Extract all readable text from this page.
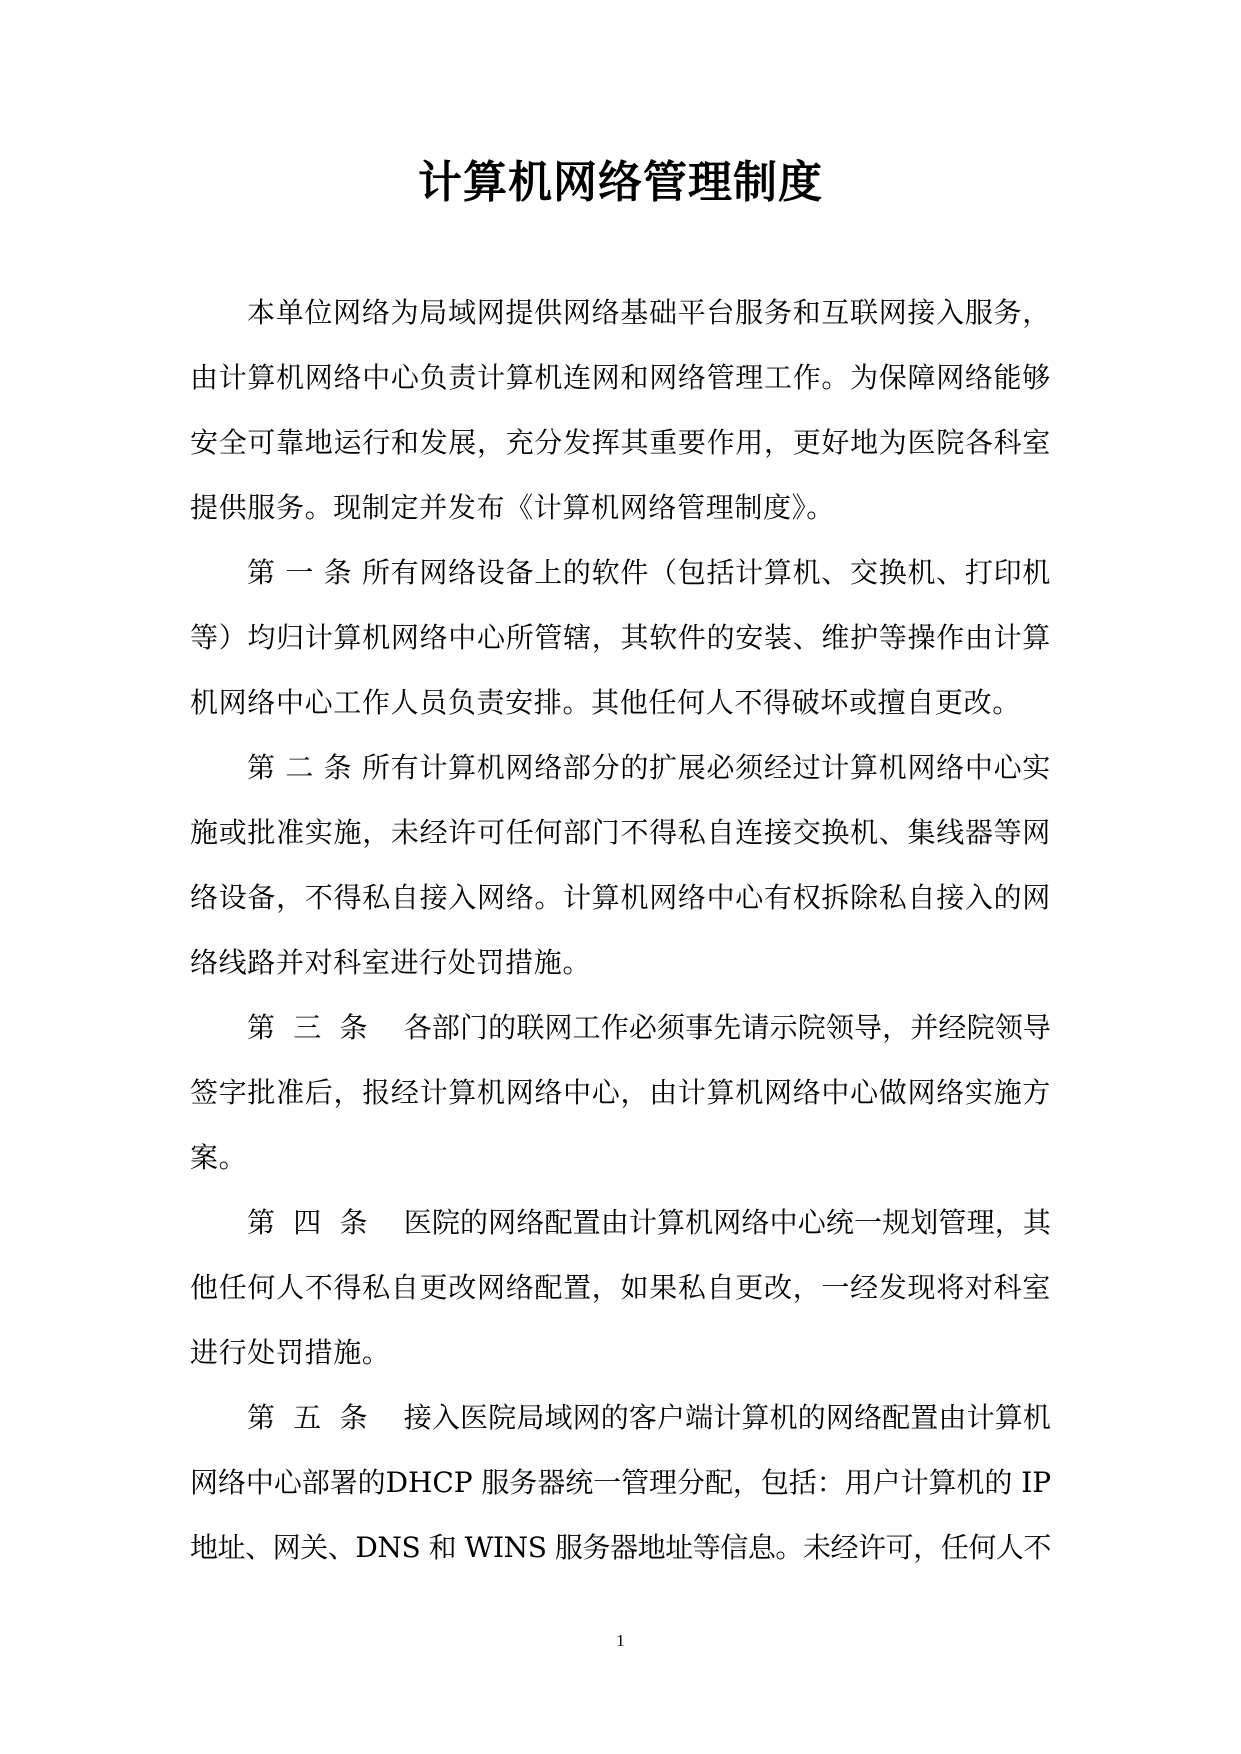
计算机网络管理制度
本单位网络为局域网提供网络基础平台服务和互联网接入服务，
由计算机网络中心负责计算机连网和网络管理工作。为保障网络能够
安全可靠地运行和发展，充分发挥其重要作用，更好地为医院各科室
提供服务。现制定并发布《计算机网络管理制度》。
第 一 条 所有网络设备上的软件（包括计算机、交换机、打印机
等）均归计算机网络中心所管辖，其软件的安装、维护等操作由计算
机网络中心工作人员负责安排。其他任何人不得破坏或擅自更改。
第 二 条 所有计算机网络部分的扩展必须经过计算机网络中心实
施或批准实施，未经许可任何部门不得私自连接交换机、集线器等网
络设备，不得私自接入网络。计算机网络中心有权拆除私自接入的网
络线路并对科室进行处罚措施。
第  三  条    各部门的联网工作必须事先请示院领导，并经院领导
签字批准后，报经计算机网络中心，由计算机网络中心做网络实施方
案。
第  四  条    医院的网络配置由计算机网络中心统一规划管理，其
他任何人不得私自更改网络配置，如果私自更改，一经发现将对科室
进行处罚措施。
第  五  条    接入医院局域网的客户端计算机的网络配置由计算机
网络中心部署的DHCP 服务器统一管理分配，包括：用户计算机的 IP
地址、网关、DNS 和 WINS 服务器地址等信息。未经许可，任何人不
1
